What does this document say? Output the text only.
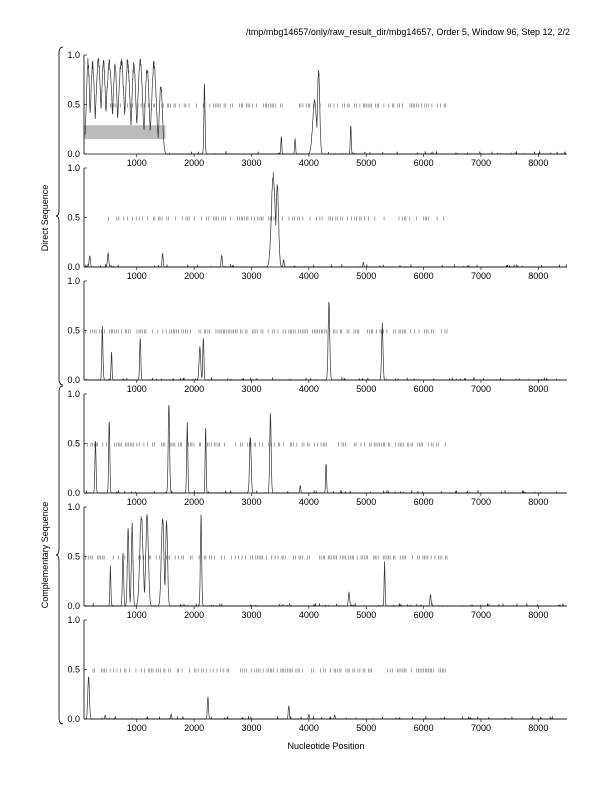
/tmp/mbg14657/only/raw_result_dir/mbg14657, Order 5, Window 96, Step 12, 2/2
0.0
0.5
1.0
1000	2000	3000	4000	5000	6000	7000	8000
0.0
0.5
1.0
1000	2000	3000	4000	5000	6000	7000	8000
0.0
0.5
1.0
1000	2000	3000	4000	5000	6000	7000	8000
0.0
0.5
1.0
1000	2000	3000	4000	5000	6000	7000	8000
0.0
0.5
1.0
1000	2000	3000	4000	5000	6000	7000	8000
0.0
0.5
1.0
1000	2000	3000	4000	5000	6000	7000	8000
Nucleotide Position
Direct Sequence
Complementary Sequence
